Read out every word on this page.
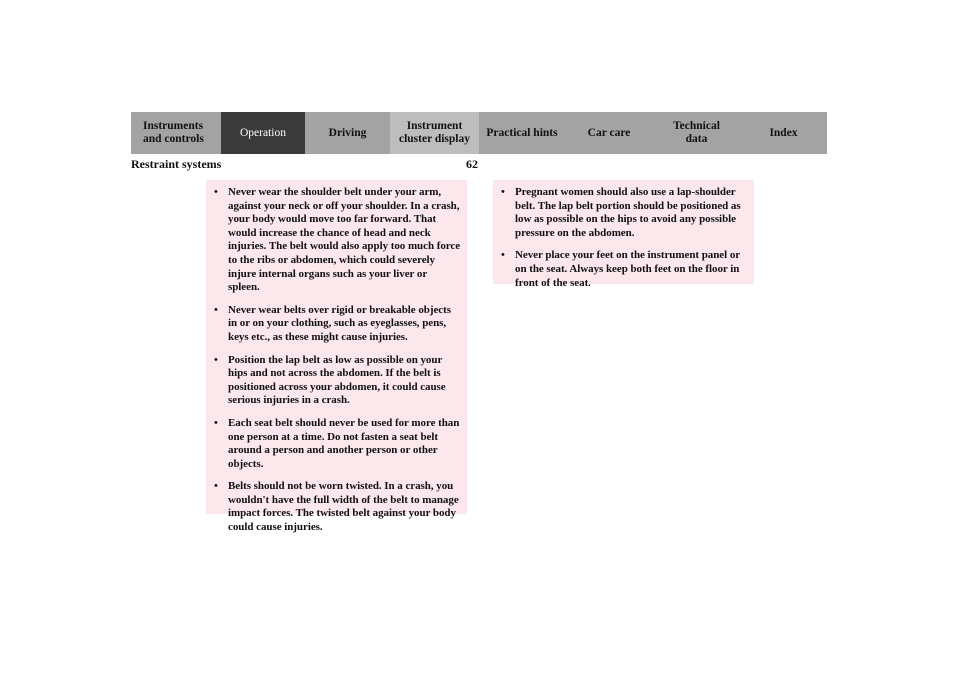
Instruments
and controls
Operation	Driving
Instrument
cluster display
Practical hints	Car care
Technical
data
Index
Restraint systems	62
• Never wear the shoulder belt under your arm, against your neck or off your shoulder. In a crash, your body would move too far forward. That would increase the chance of head and neck injuries. The belt would also apply too much force to the ribs or abdomen, which could severely injure internal organs such as your liver or spleen.
• Never wear belts over rigid or breakable objects in or on your clothing, such as eyeglasses, pens, keys etc., as these might cause injuries.
• Position the lap belt as low as possible on your hips and not across the abdomen. If the belt is positioned across your abdomen, it could cause serious injuries in a crash.
• Each seat belt should never be used for more than one person at a time. Do not fasten a seat belt around a person and another person or other objects.
• Belts should not be worn twisted. In a crash, you wouldn't have the full width of the belt to manage impact forces. The twisted belt against your body could cause injuries.
• Pregnant women should also use a lap-shoulder belt. The lap belt portion should be positioned as low as possible on the hips to avoid any possible pressure on the abdomen.
• Never place your feet on the instrument panel or on the seat. Always keep both feet on the floor in front of the seat.
